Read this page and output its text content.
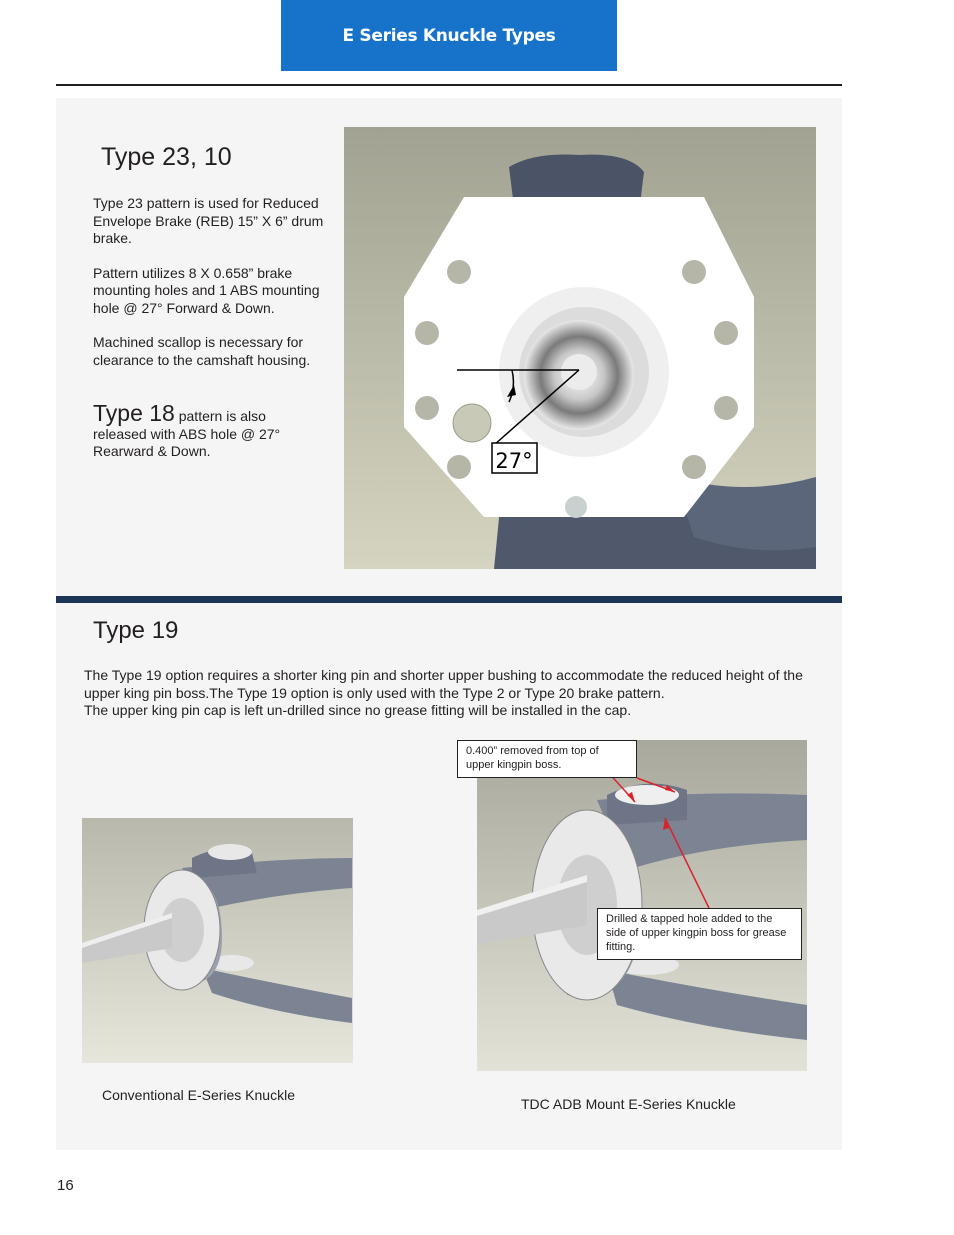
E Series Knuckle Types
Type 23, 10

Type 23 pattern is used for Reduced Envelope Brake (REB) 15” X 6” drum brake.

Pattern utilizes 8 X 0.658” brake mounting holes and 1 ABS mounting hole @ 27° Forward & Down.

Machined scallop is necessary for clearance to the camshaft housing.

Type 18 pattern is also
released with ABS hole @ 27° Rearward & Down.	27°
Type 19

The Type 19 option requires a shorter king pin and shorter upper bushing to accommodate the reduced height of the upper king pin boss.The Type 19 option is only used with the Type 2 or Type 20 brake pattern.

The upper king pin cap is left un-drilled since no grease fitting will be installed in the cap.

0.400” removed from top of upper kingpin boss.
Drilled & tapped hole added to the side of upper kingpin boss for grease fitting.
Conventional E-Series Knuckle
TDC ADB Mount E-Series Knuckle
16
